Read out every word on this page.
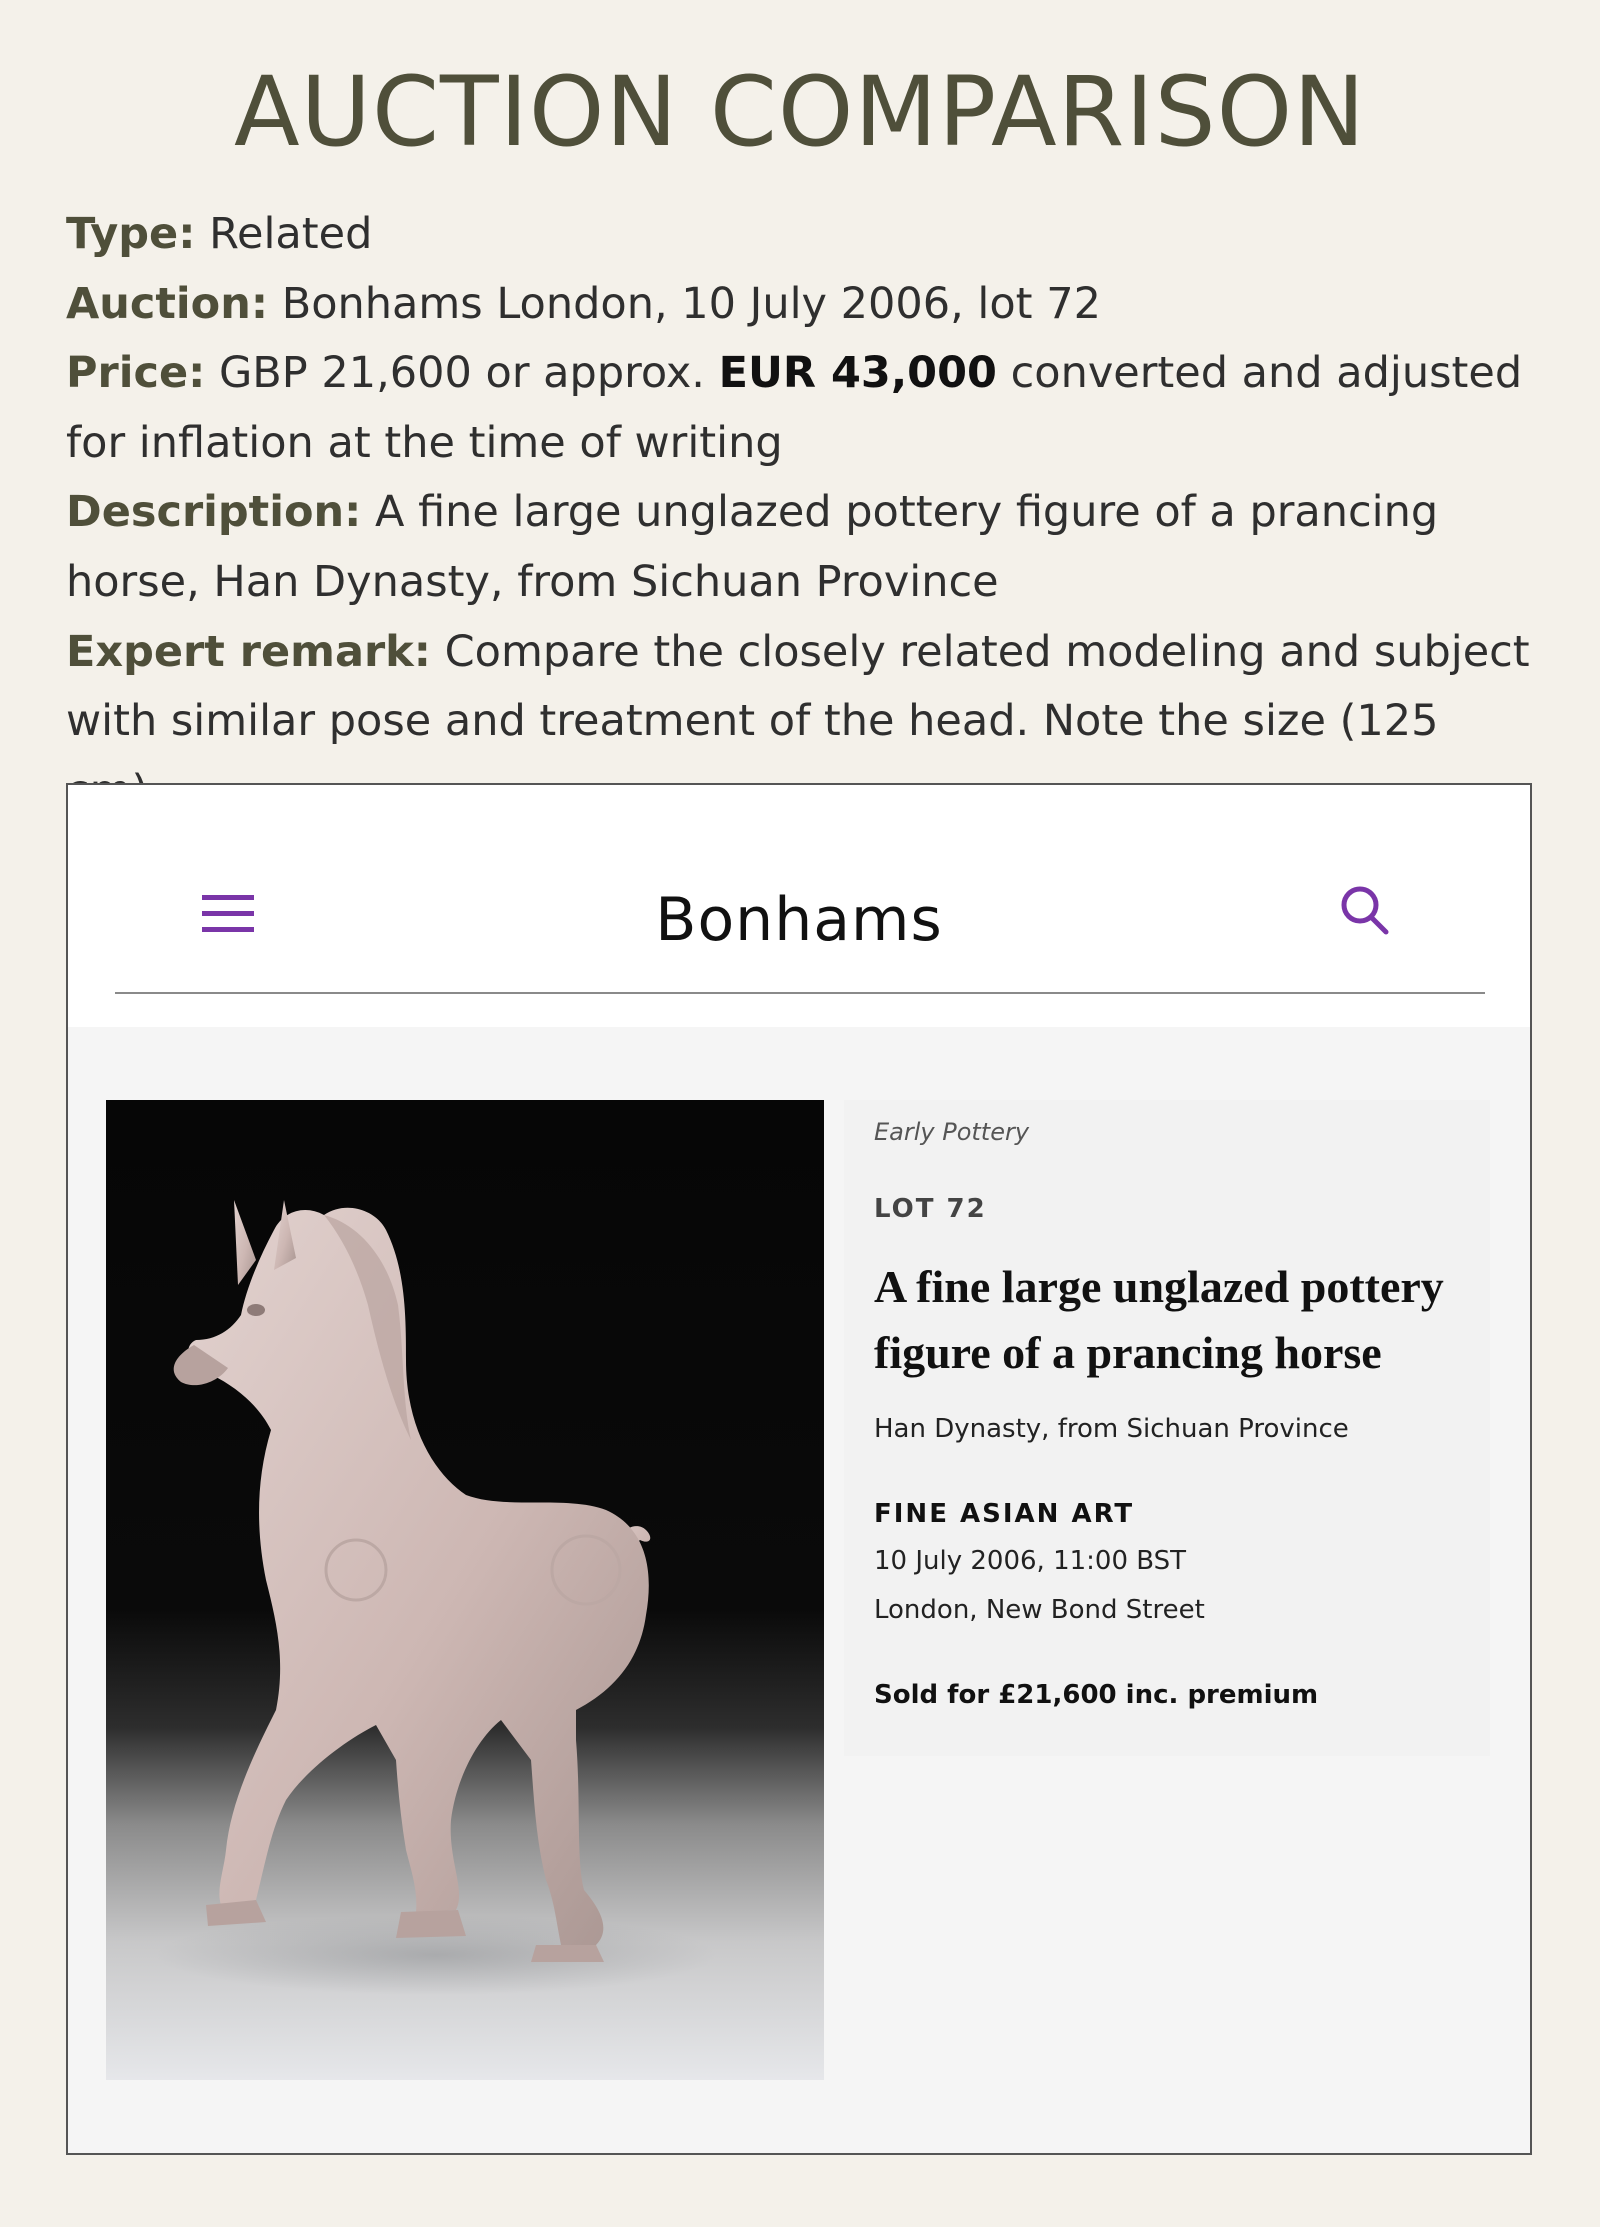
AUCTION COMPARISON

Type: Related

Auction: Bonhams London, 10 July 2006, lot 72

Price: GBP 21,600 or approx. EUR 43,000 converted and adjusted for inflation at the time of writing

Description: A fine large unglazed pottery figure of a prancing horse, Han Dynasty, from Sichuan Province

Expert remark: Compare the closely related modeling and subject with similar pose and treatment of the head. Note the size (125

Bonhams
Early Pottery
LOT 72
A fine large unglazed pottery figure of a prancing horse
Han Dynasty, from Sichuan Province
FINE ASIAN ART
10 July 2006, 11:00 BST
London, New Bond Street
Sold for £21,600 inc. premium
